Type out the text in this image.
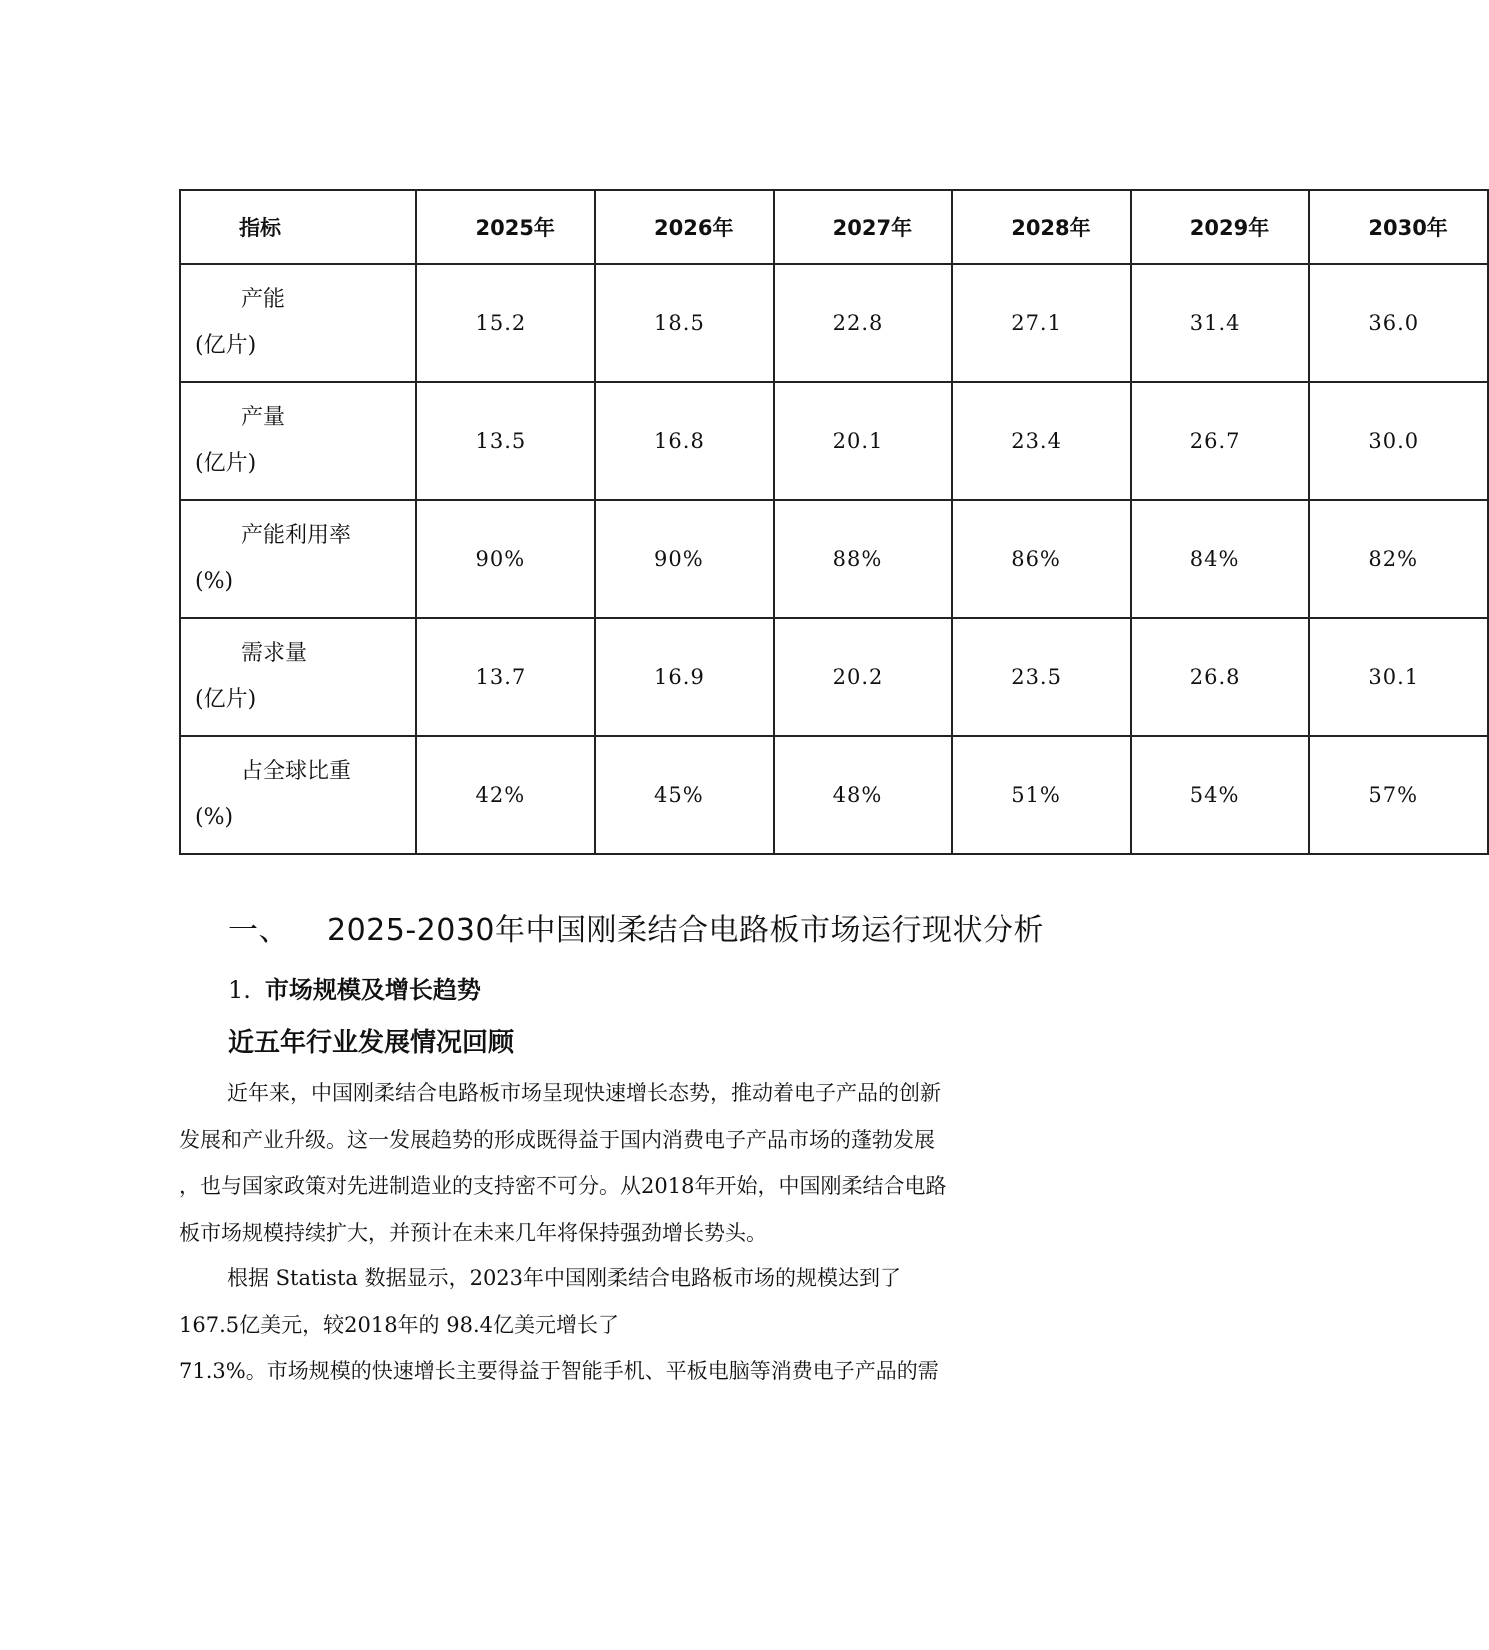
指标	2025年	2026年	2027年	2028年	2029年	2030年

产能
(亿片)	15.2	18.5	22.8	27.1	31.4	36.0

产量
(亿片)	13.5	16.8	20.1	23.4	26.7	30.0

产能利用率
(%)	90%	90%	88%	86%	84%	82%

需求量
(亿片)	13.7	16.9	20.2	23.5	26.8	30.1

占全球比重
(%)	42%	45%	48%	51%	54%	57%
一、 2025-2030年中国刚柔结合电路板市场运行现状分析
1. 市场规模及增长趋势
近五年行业发展情况回顾
近年来，中国刚柔结合电路板市场呈现快速增长态势，推动着电子产品的创新
发展和产业升级。这一发展趋势的形成既得益于国内消费电子产品市场的蓬勃发展
，也与国家政策对先进制造业的支持密不可分。从2018年开始，中国刚柔结合电路
板市场规模持续扩大，并预计在未来几年将保持强劲增长势头。
根据 Statista 数据显示，2023年中国刚柔结合电路板市场的规模达到了
167.5亿美元，较2018年的 98.4亿美元增长了
71.3%。市场规模的快速增长主要得益于智能手机、平板电脑等消费电子产品的需
